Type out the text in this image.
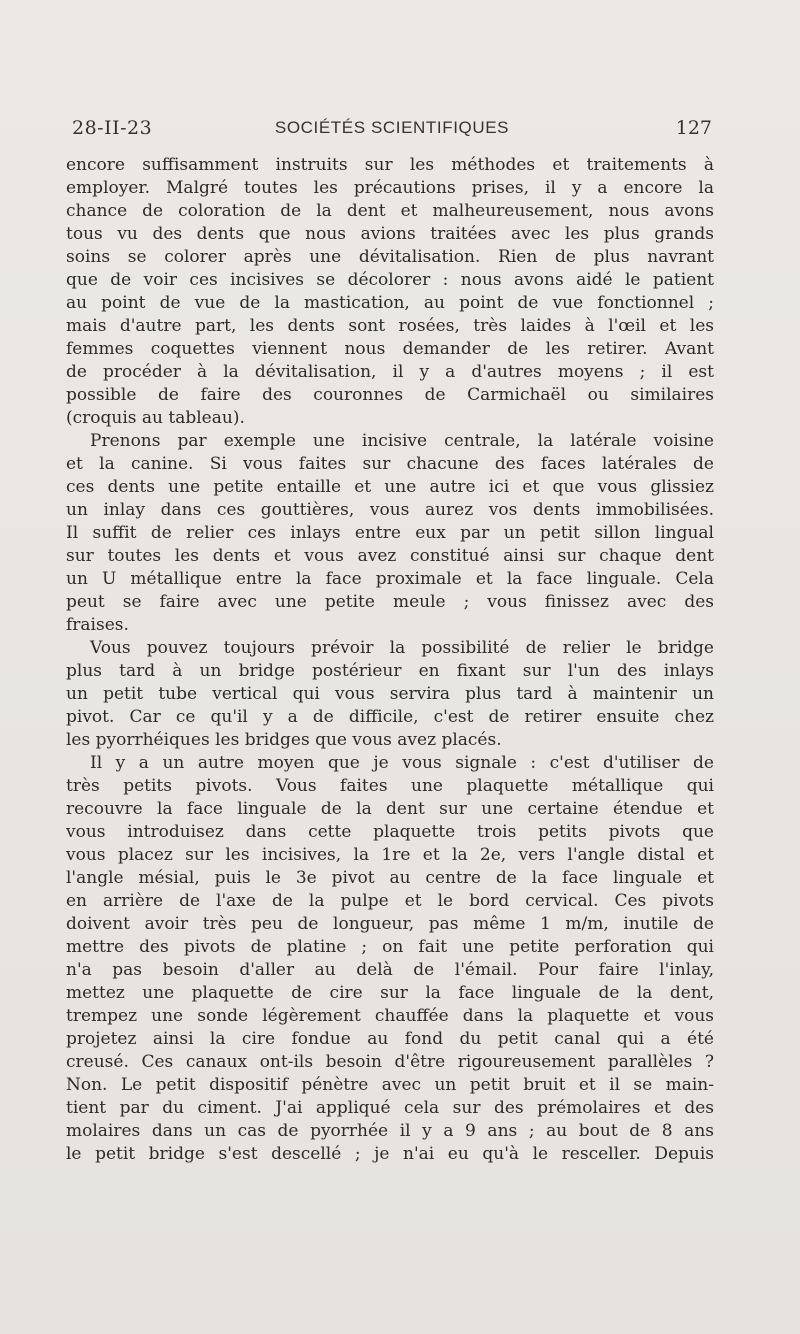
28-II-23	SOCIÉTÉS SCIENTIFIQUES	127
encore suffisamment instruits sur les méthodes et traitements à
employer. Malgré toutes les précautions prises, il y a encore la
chance de coloration de la dent et malheureusement, nous avons
tous vu des dents que nous avions traitées avec les plus grands
soins se colorer après une dévitalisation. Rien de plus navrant
que de voir ces incisives se décolorer : nous avons aidé le patient
au point de vue de la mastication, au point de vue fonctionnel ;
mais d'autre part, les dents sont rosées, très laides à l'œil et les
femmes coquettes viennent nous demander de les retirer. Avant
de procéder à la dévitalisation, il y a d'autres moyens ; il est
possible de faire des couronnes de Carmichaël ou similaires
(croquis au tableau).
Prenons par exemple une incisive centrale, la latérale voisine
et la canine. Si vous faites sur chacune des faces latérales de
ces dents une petite entaille et une autre ici et que vous glissiez
un inlay dans ces gouttières, vous aurez vos dents immobilisées.
Il suffit de relier ces inlays entre eux par un petit sillon lingual
sur toutes les dents et vous avez constitué ainsi sur chaque dent
un U métallique entre la face proximale et la face linguale. Cela
peut se faire avec une petite meule ; vous finissez avec des
fraises.
Vous pouvez toujours prévoir la possibilité de relier le bridge
plus tard à un bridge postérieur en fixant sur l'un des inlays
un petit tube vertical qui vous servira plus tard à maintenir un
pivot. Car ce qu'il y a de difficile, c'est de retirer ensuite chez
les pyorrhéiques les bridges que vous avez placés.
Il y a un autre moyen que je vous signale : c'est d'utiliser de
très petits pivots. Vous faites une plaquette métallique qui
recouvre la face linguale de la dent sur une certaine étendue et
vous introduisez dans cette plaquette trois petits pivots que
vous placez sur les incisives, la 1re et la 2e, vers l'angle distal et
l'angle mésial, puis le 3e pivot au centre de la face linguale et
en arrière de l'axe de la pulpe et le bord cervical. Ces pivots
doivent avoir très peu de longueur, pas même 1 m/m, inutile de
mettre des pivots de platine ; on fait une petite perforation qui
n'a pas besoin d'aller au delà de l'émail. Pour faire l'inlay,
mettez une plaquette de cire sur la face linguale de la dent,
trempez une sonde légèrement chauffée dans la plaquette et vous
projetez ainsi la cire fondue au fond du petit canal qui a été
creusé. Ces canaux ont-ils besoin d'être rigoureusement parallèles ?
Non. Le petit dispositif pénètre avec un petit bruit et il se main-
tient par du ciment. J'ai appliqué cela sur des prémolaires et des
molaires dans un cas de pyorrhée il y a 9 ans ; au bout de 8 ans
le petit bridge s'est descellé ; je n'ai eu qu'à le resceller. Depuis
